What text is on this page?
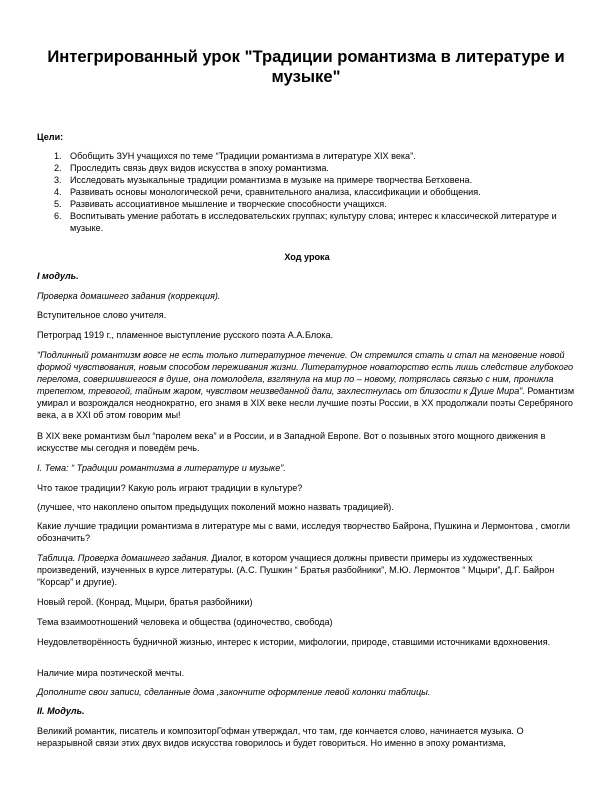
Интегрированный урок "Традиции романтизма в литературе и музыке"
Цели:
1. Обобщить ЗУН учащихся по теме “Традиции романтизма в литературе XIX века”.
2. Проследить связь двух видов искусства в эпоху романтизма.
3. Исследовать музыкальные традиции романтизма в музыке на примере творчества Бетховена.
4. Развивать основы монологической речи, сравнительного анализа, классификации и обобщения.
5. Развивать ассоциативное мышление и творческие способности учащихся.
6. Воспитывать умение работать в исследовательских группах; культуру слова; интерес к классической литературе и музыке.
Ход урока
I модуль.
Проверка домашнего задания (коррекция).
Вступительное слово учителя.
Петроград 1919 г., пламенное выступление русского поэта А.А.Блока.
“Подлинный романтизм вовсе не есть только литературное течение. Он стремился стать и стал на мгновение новой формой чувствования, новым способом переживания жизни. Литературное новаторство есть лишь следствие глубокого перелома, совершившегося в душе, она помолодела, взглянула на мир по – новому, потряслась связью с ним, проникла трепетом, тревогой, тайным жаром, чувством неизведанной дали, захлестнулась от близости к Душе Мира”. Романтизм умирал и возрождался неоднократно, его знамя в XIX веке несли лучшие поэты России, в XX продолжали поэты Серебряного века, а в XXI об этом говорим мы!
В XIX веке романтизм был “паролем века” и в России, и в Западной Европе. Вот о позывных этого мощного движения в искусстве мы сегодня и поведём речь.
I. Тема: “ Традиции романтизма в литературе и музыке”.
Что такое традиции? Какую роль играют традиции в культуре?
(лучшее, что накоплено опытом предыдущих поколений можно назвать традицией).
Какие лучшие традиции романтизма в литературе мы с вами, исследуя творчество Байрона, Пушкина и Лермонтова , смогли обозначить?
Таблица. Проверка домашнего задания. Диалог, в котором учащиеся должны привести примеры из художественных произведений, изученных в курсе литературы. (А.С. Пушкин “ Братья разбойники”, М.Ю. Лермонтов “ Мцыри”, Д.Г. Байрон “Корсар” и другие).
Новый герой. (Конрад, Мцыри, братья разбойники)
Тема взаимоотношений человека и общества (одиночество, свобода)
Неудовлетворённость будничной жизнью, интерес к истории, мифологии, природе, ставшими источниками вдохновения.
Наличие мира поэтической мечты.
Дополните свои записи, сделанные дома ,закончите оформление левой колонки таблицы.
II. Модуль.
Великий романтик, писатель и композиторГофман утверждал, что там, где кончается слово, начинается музыка. О неразрывной связи этих двух видов искусства говорилось и будет говориться. Но именно в эпоху романтизма,
